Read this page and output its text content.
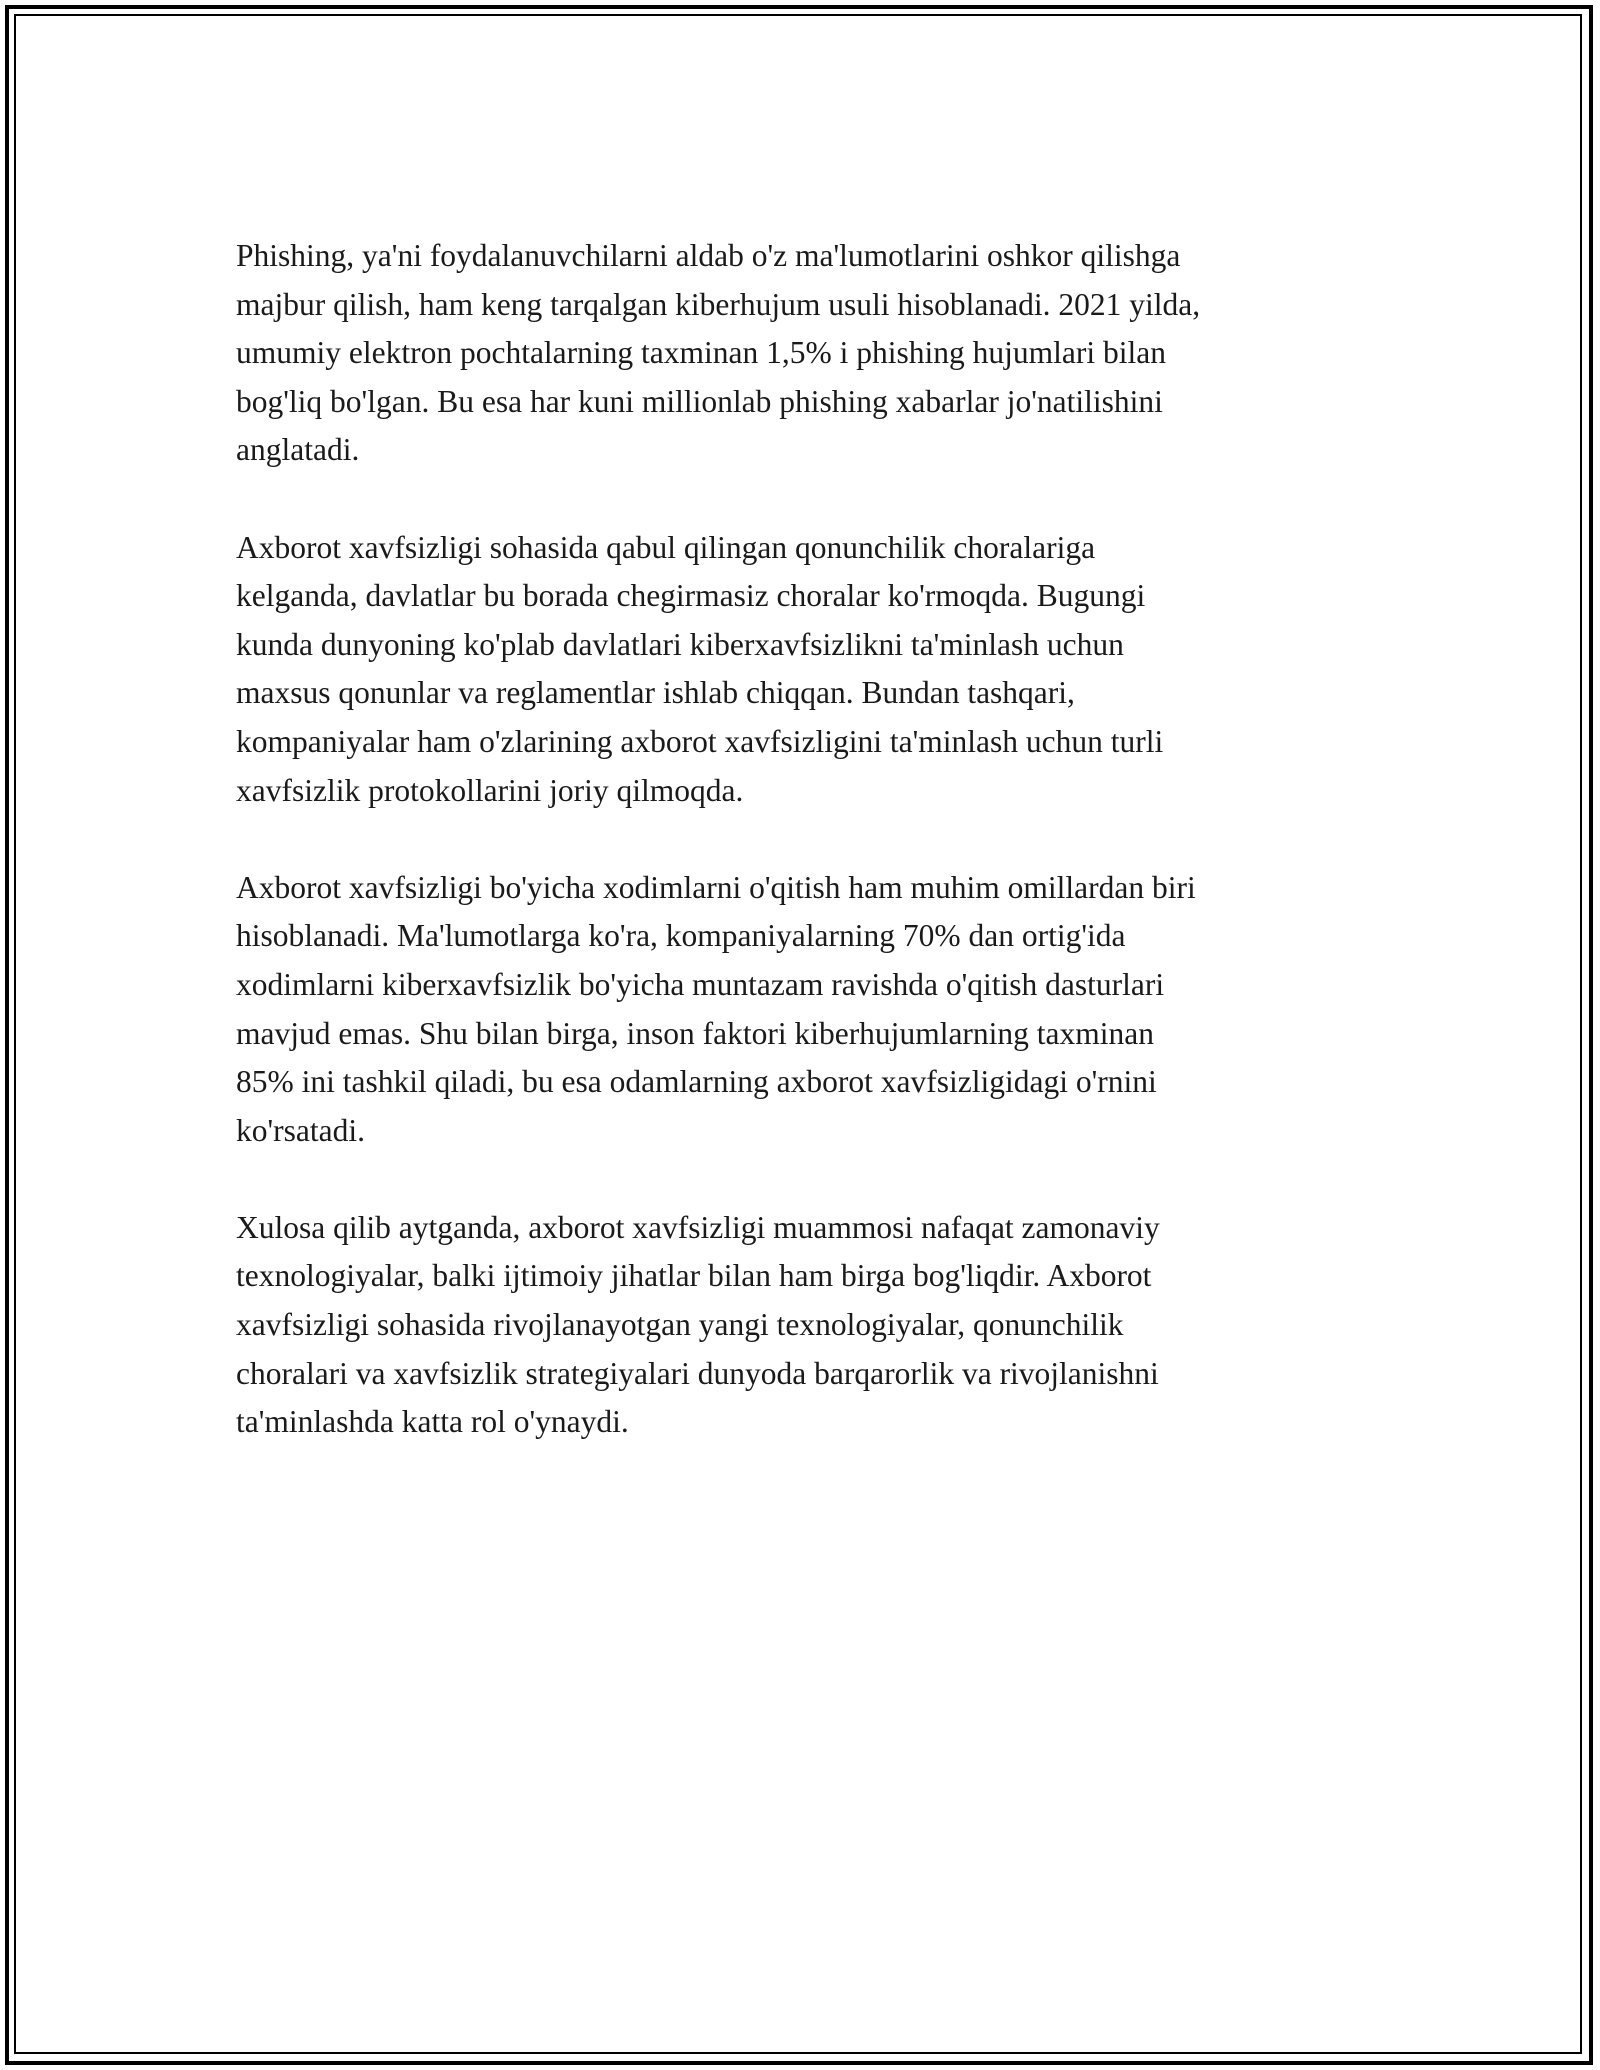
Phishing, ya'ni foydalanuvchilarni aldab o'z ma'lumotlarini oshkor qilishga
majbur qilish, ham keng tarqalgan kiberhujum usuli hisoblanadi. 2021 yilda,
umumiy elektron pochtalarning taxminan 1,5% i phishing hujumlari bilan
bog'liq bo'lgan. Bu esa har kuni millionlab phishing xabarlar jo'natilishini
anglatadi.

Axborot xavfsizligi sohasida qabul qilingan qonunchilik choralariga
kelganda, davlatlar bu borada chegirmasiz choralar ko'rmoqda. Bugungi
kunda dunyoning ko'plab davlatlari kiberxavfsizlikni ta'minlash uchun
maxsus qonunlar va reglamentlar ishlab chiqqan. Bundan tashqari,
kompaniyalar ham o'zlarining axborot xavfsizligini ta'minlash uchun turli
xavfsizlik protokollarini joriy qilmoqda.

Axborot xavfsizligi bo'yicha xodimlarni o'qitish ham muhim omillardan biri
hisoblanadi. Ma'lumotlarga ko'ra, kompaniyalarning 70% dan ortig'ida
xodimlarni kiberxavfsizlik bo'yicha muntazam ravishda o'qitish dasturlari
mavjud emas. Shu bilan birga, inson faktori kiberhujumlarning taxminan
85% ini tashkil qiladi, bu esa odamlarning axborot xavfsizligidagi o'rnini
ko'rsatadi.

Xulosa qilib aytganda, axborot xavfsizligi muammosi nafaqat zamonaviy
texnologiyalar, balki ijtimoiy jihatlar bilan ham birga bog'liqdir. Axborot
xavfsizligi sohasida rivojlanayotgan yangi texnologiyalar, qonunchilik
choralari va xavfsizlik strategiyalari dunyoda barqarorlik va rivojlanishni
ta'minlashda katta rol o'ynaydi.
